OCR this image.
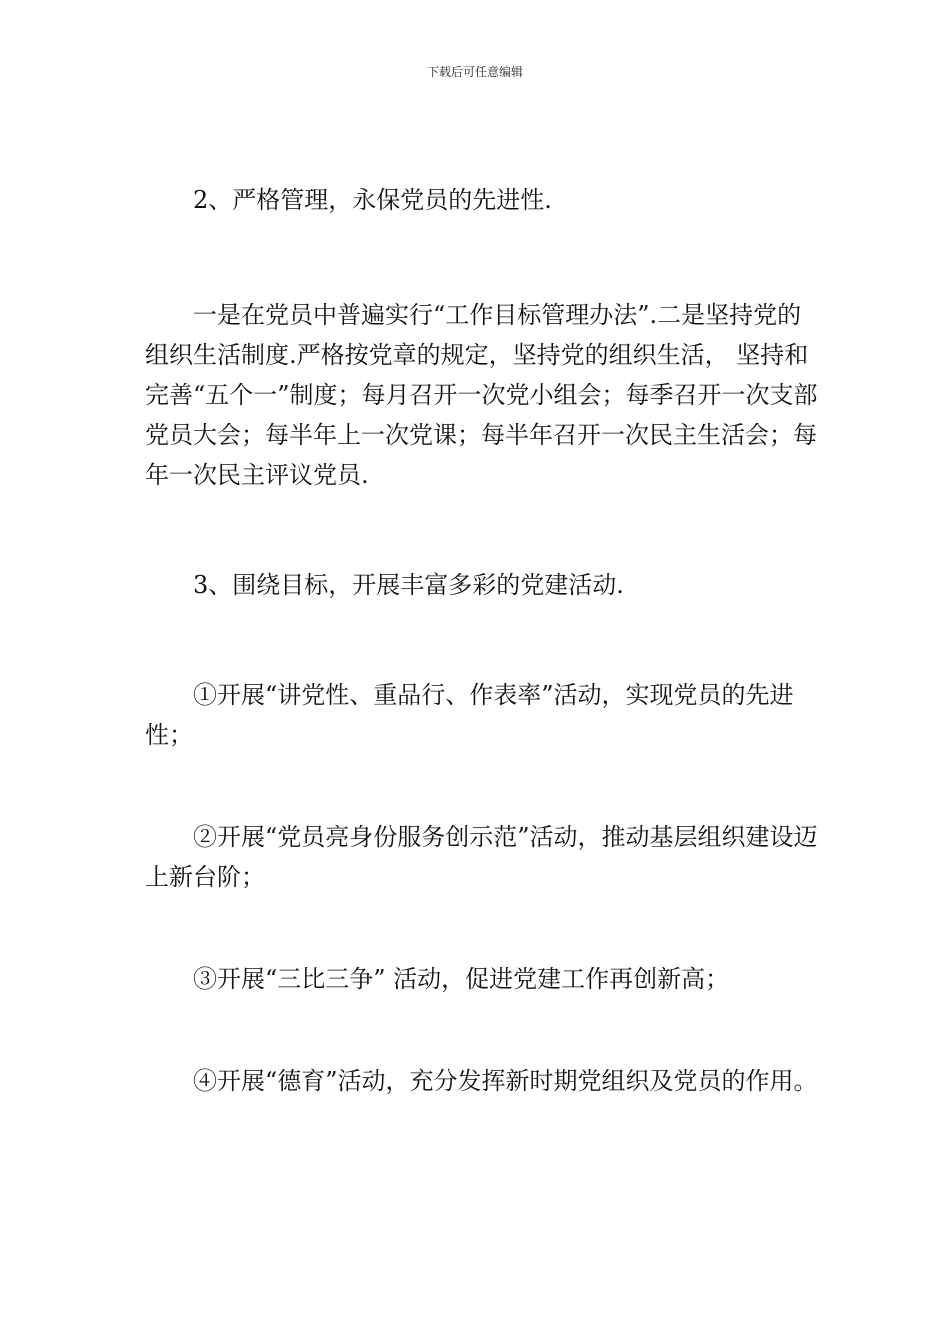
下载后可任意编辑

2、严格管理，永保党员的先进性.

一是在党员中普遍实行“工作目标管理办法”.二是坚持党的组织生活制度.严格按党章的规定，坚持党的组织生活， 坚持和完善“五个一”制度；每月召开一次党小组会；每季召开一次支部党员大会；每半年上一次党课；每半年召开一次民主生活会；每年一次民主评议党员.

3、围绕目标，开展丰富多彩的党建活动.

①开展“讲党性、重品行、作表率”活动，实现党员的先进性；

②开展“党员亮身份服务创示范”活动，推动基层组织建设迈上新台阶；

③开展“三比三争” 活动，促进党建工作再创新高；

④开展“德育”活动，充分发挥新时期党组织及党员的作用。
